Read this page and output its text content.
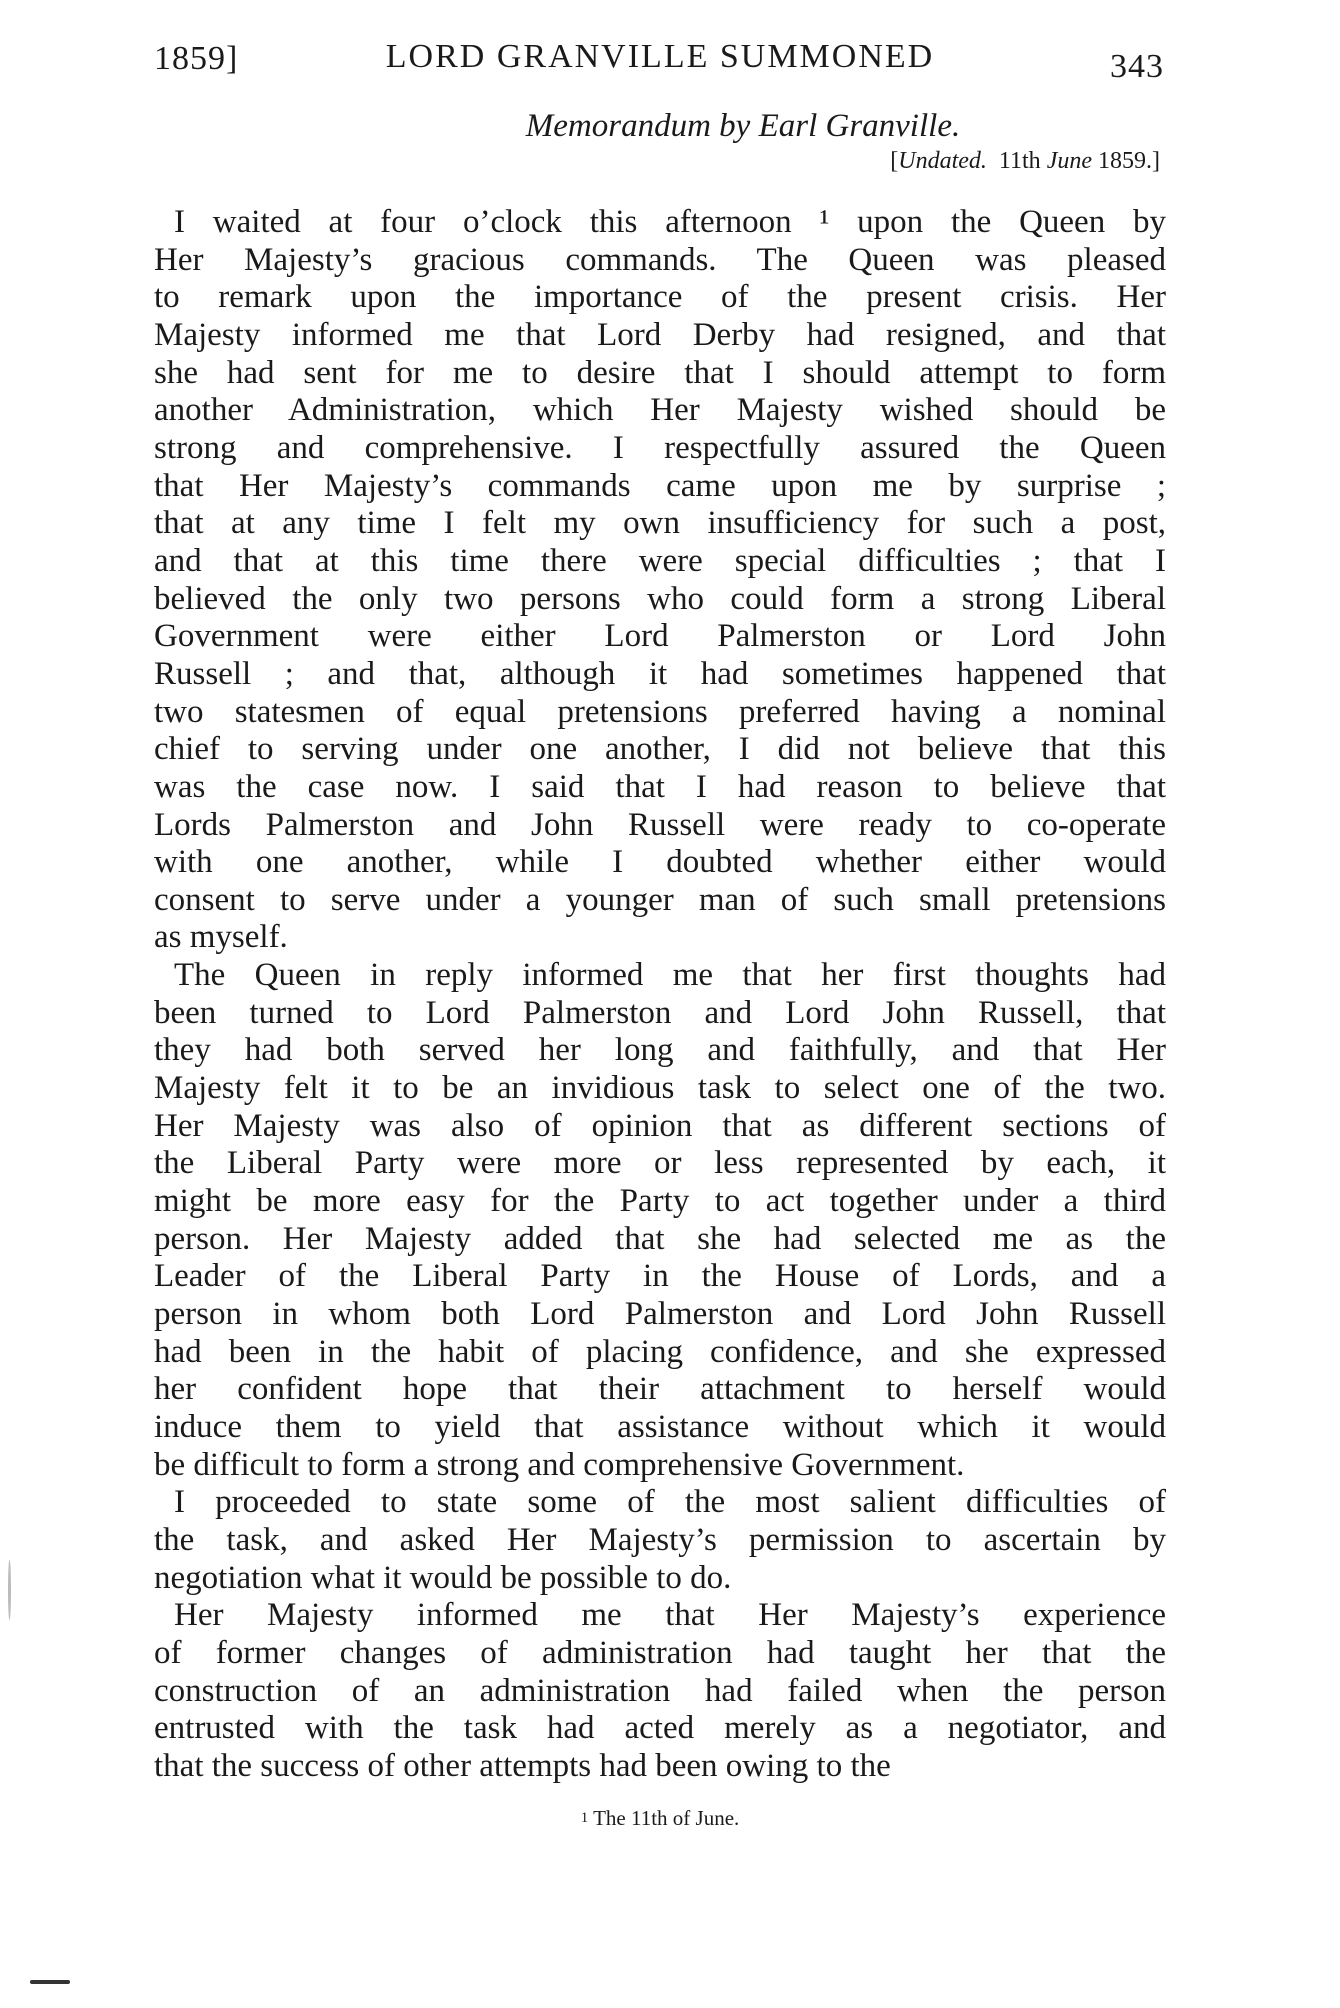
1859]	LORD GRANVILLE SUMMONED	343
Memorandum by Earl Granville.
[Undated. 11th June 1859.]
I waited at four o’clock this afternoon ¹ upon the Queen by
Her Majesty’s gracious commands. The Queen was pleased
to remark upon the importance of the present crisis. Her
Majesty informed me that Lord Derby had resigned, and that
she had sent for me to desire that I should attempt to form
another Administration, which Her Majesty wished should be
strong and comprehensive. I respectfully assured the Queen
that Her Majesty’s commands came upon me by surprise ;
that at any time I felt my own insufficiency for such a post,
and that at this time there were special difficulties ; that I
believed the only two persons who could form a strong Liberal
Government were either Lord Palmerston or Lord John
Russell ; and that, although it had sometimes happened that
two statesmen of equal pretensions preferred having a nominal
chief to serving under one another, I did not believe that this
was the case now. I said that I had reason to believe that
Lords Palmerston and John Russell were ready to co-operate
with one another, while I doubted whether either would
consent to serve under a younger man of such small pretensions
as myself.
The Queen in reply informed me that her first thoughts had
been turned to Lord Palmerston and Lord John Russell, that
they had both served her long and faithfully, and that Her
Majesty felt it to be an invidious task to select one of the two.
Her Majesty was also of opinion that as different sections of
the Liberal Party were more or less represented by each, it
might be more easy for the Party to act together under a third
person. Her Majesty added that she had selected me as the
Leader of the Liberal Party in the House of Lords, and a
person in whom both Lord Palmerston and Lord John Russell
had been in the habit of placing confidence, and she expressed
her confident hope that their attachment to herself would
induce them to yield that assistance without which it would
be difficult to form a strong and comprehensive Government.
I proceeded to state some of the most salient difficulties of
the task, and asked Her Majesty’s permission to ascertain by
negotiation what it would be possible to do.
Her Majesty informed me that Her Majesty’s experience
of former changes of administration had taught her that the
construction of an administration had failed when the person
entrusted with the task had acted merely as a negotiator, and
that the success of other attempts had been owing to the
1 The 11th of June.
